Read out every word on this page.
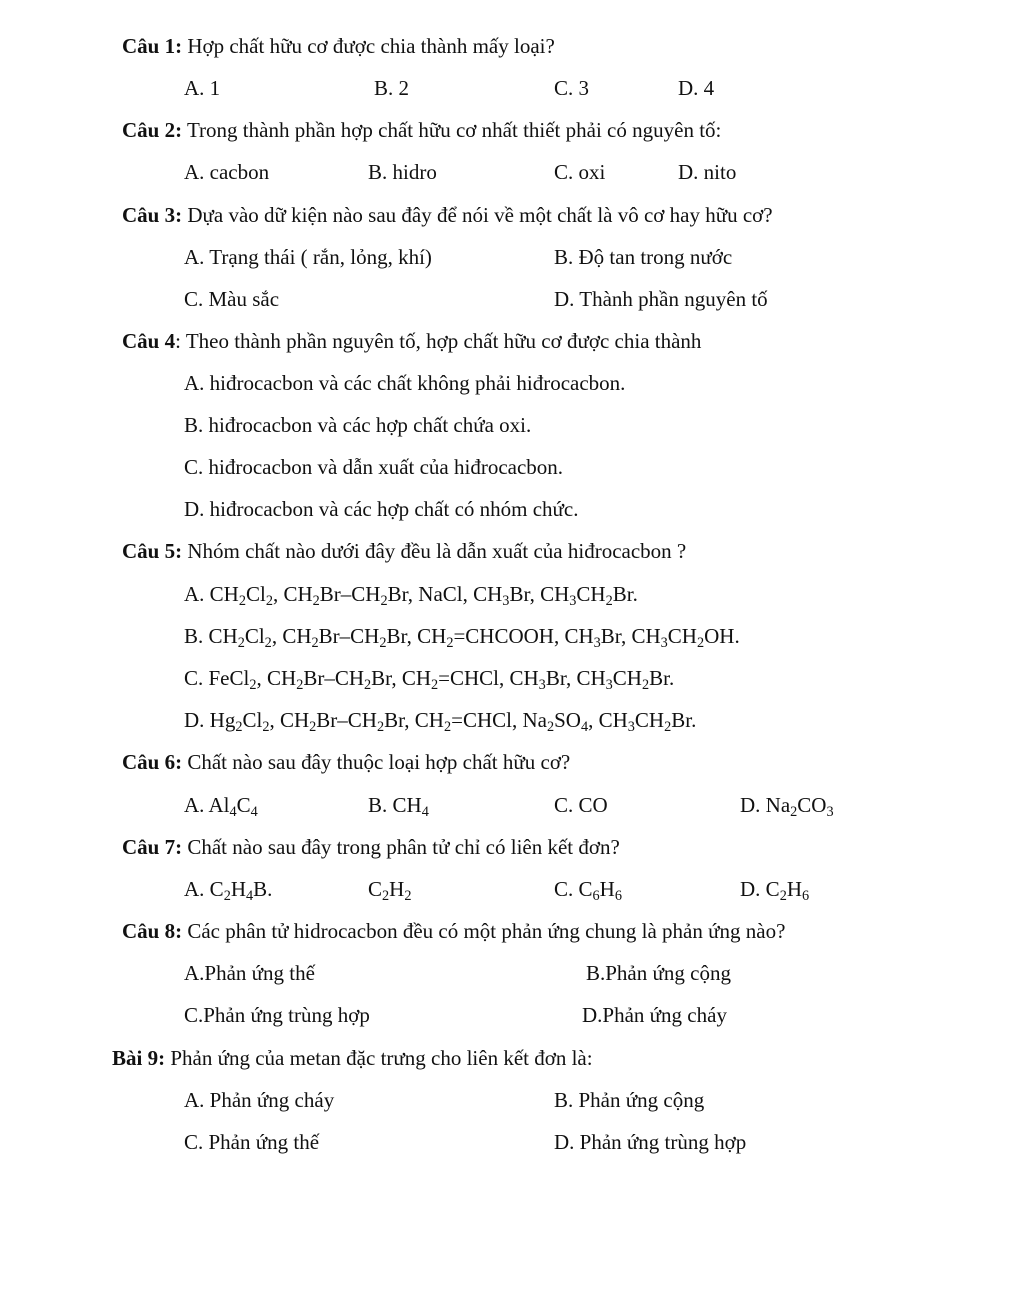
Câu 1: Hợp chất hữu cơ được chia thành mấy loại?
A. 1	B. 2	C. 3	D. 4
Câu 2: Trong thành phần hợp chất hữu cơ nhất thiết phải có nguyên tố:
A. cacbon	B. hidro	C. oxi	D. nito
Câu 3: Dựa vào dữ kiện nào sau đây để nói về một chất là vô cơ hay hữu cơ?
A. Trạng thái ( rắn, lỏng, khí)	B. Độ tan trong nước
C. Màu sắc	D. Thành phần nguyên tố
Câu 4: Theo thành phần nguyên tố, hợp chất hữu cơ được chia thành
A. hiđrocacbon và các chất không phải hiđrocacbon.
B. hiđrocacbon và các hợp chất chứa oxi.
C. hiđrocacbon và dẫn xuất của hiđrocacbon.
D. hiđrocacbon và các hợp chất có nhóm chức.
Câu 5: Nhóm chất nào dưới đây đều là dẫn xuất của hiđrocacbon ?
A. $CH_2Cl_2$, $CH_2Br-CH_2Br$, NaCl, $CH_3Br$, $CH_3CH_2Br$.
B. $CH_2Cl_2$, $CH_2Br-CH_2Br$, $CH_2=CHCOOH$, $CH_3Br$, $CH_3CH_2OH$.
C. FeCl$_2$, $CH_2Br-CH_2Br$, $CH_2=CHCl$, $CH_3Br$, $CH_3CH_2Br$.
D. $Hg_2Cl_2$, $CH_2Br-CH_2Br$, $CH_2=CHCl$, $Na_2SO_4$, $CH_3CH_2Br$.
Câu 6: Chất nào sau đây thuộc loại hợp chất hữu cơ?
A. $Al_4C_4$	B. $CH_4$	C. CO	D. $Na_2CO_3$
Câu 7: Chất nào sau đây trong phân tử chỉ có liên kết đơn?
A. $C_2H_4B$.	$C_2H_2$	C. $C_6H_6$	D. $C_2H_6$
Câu 8: Các phân tử hidrocacbon đều có một phản ứng chung là phản ứng nào?
A.Phản ứng thế	B.Phản ứng cộng
C.Phản ứng trùng hợp	D.Phản ứng cháy
Bài 9: Phản ứng của metan đặc trưng cho liên kết đơn là:
A. Phản ứng cháy	B. Phản ứng cộng
C. Phản ứng thế	D. Phản ứng trùng hợp
